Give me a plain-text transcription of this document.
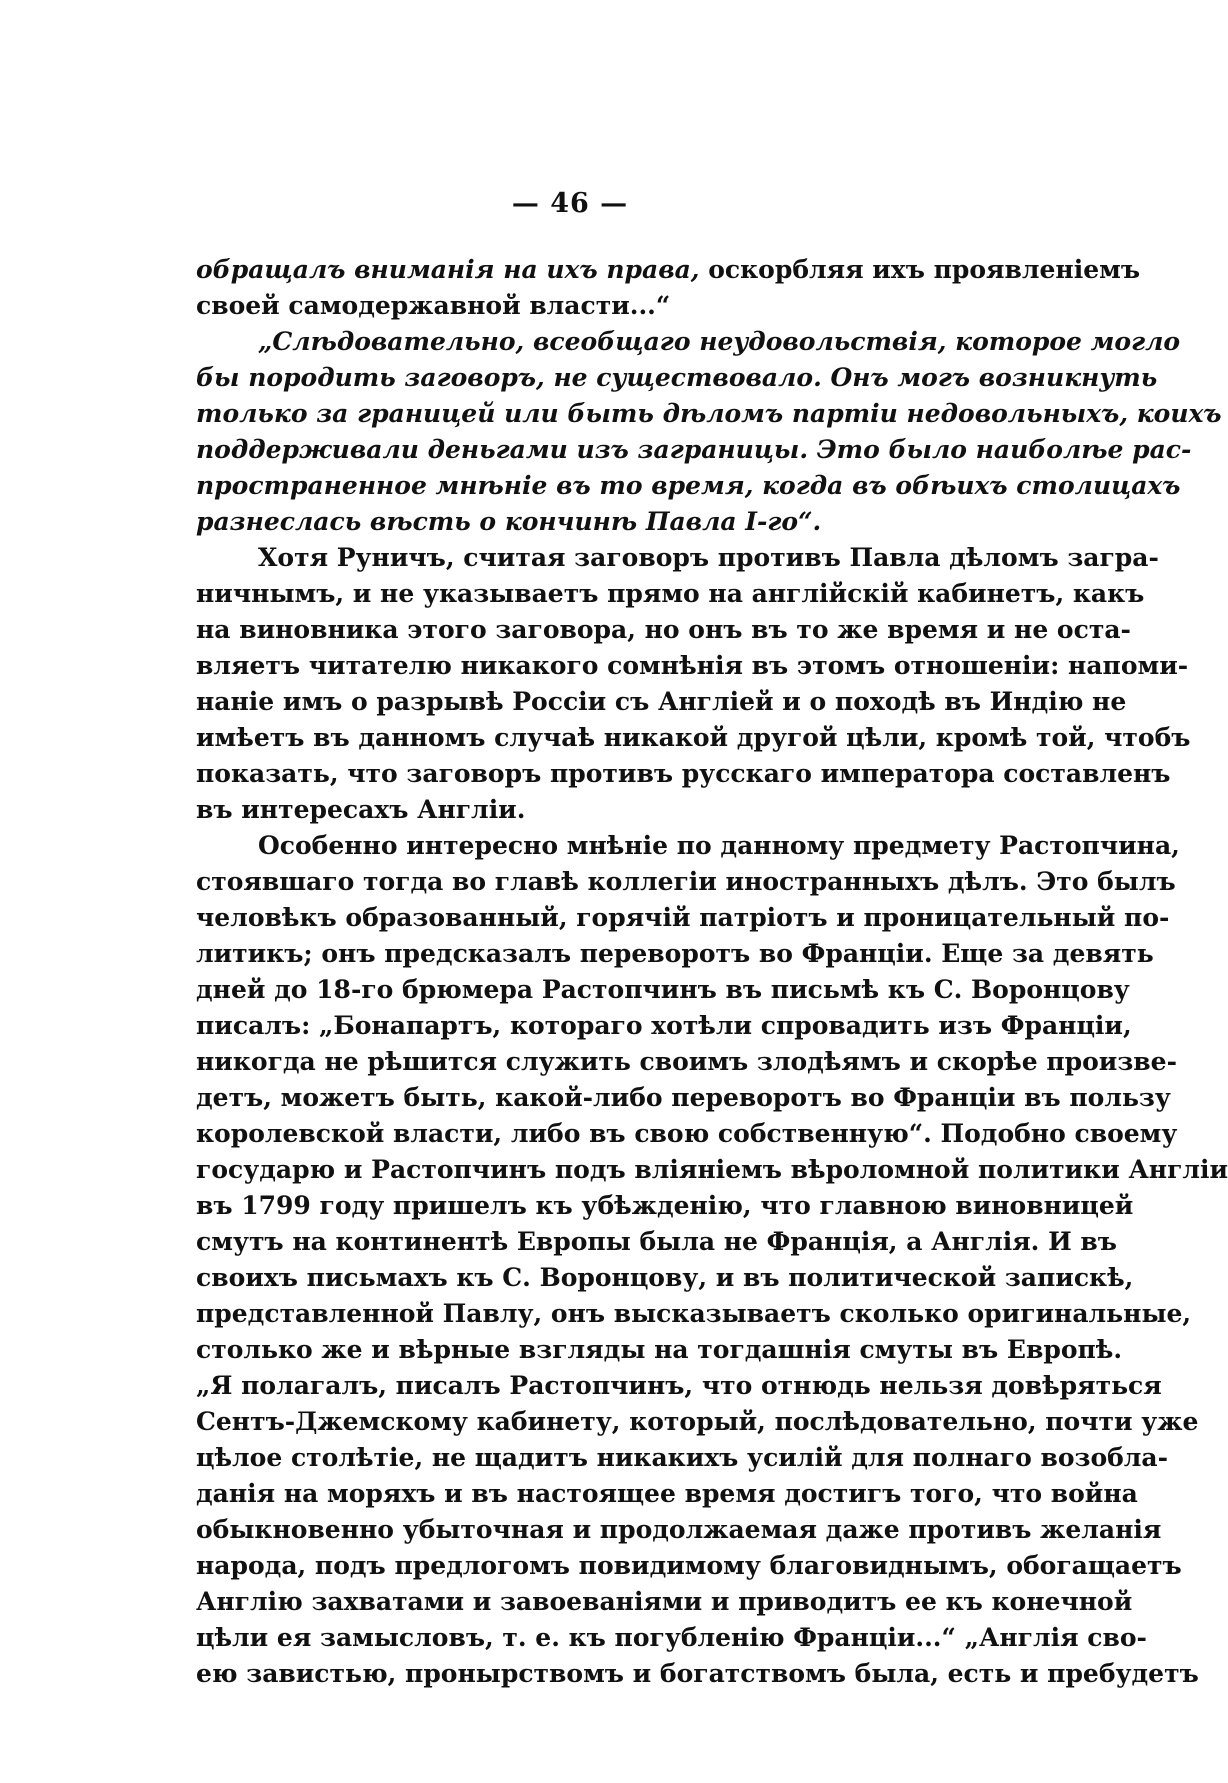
— 46 —
обращалъ вниманія на ихъ права, оскорбляя ихъ проявленіемъ
своей самодержавной власти...“
„Слѣдовательно, всеобщаго неудовольствія, которое могло
бы породить заговоръ, не существовало. Онъ могъ возникнуть
только за границей или быть дѣломъ партіи недовольныхъ, коихъ
поддерживали деньгами изъ заграницы. Это было наиболѣе рас-
пространенное мнѣніе въ то время, когда въ обѣихъ столицахъ
разнеслась вѣсть о кончинѣ Павла I-го“.
Хотя Руничъ, считая заговоръ противъ Павла дѣломъ загра-
ничнымъ, и не указываетъ прямо на англійскій кабинетъ, какъ
на виновника этого заговора, но онъ въ то же время и не оста-
вляетъ читателю никакого сомнѣнія въ этомъ отношеніи: напоми-
наніе имъ о разрывѣ Россіи съ Англіей и о походѣ въ Индію не
имѣетъ въ данномъ случаѣ никакой другой цѣли, кромѣ той, чтобъ
показать, что заговоръ противъ русскаго императора составленъ
въ интересахъ Англіи.
Особенно интересно мнѣніе по данному предмету Растопчина,
стоявшаго тогда во главѣ коллегіи иностранныхъ дѣлъ. Это былъ
человѣкъ образованный, горячій патріотъ и проницательный по-
литикъ; онъ предсказалъ переворотъ во Франціи. Еще за девять
дней до 18-го брюмера Растопчинъ въ письмѣ къ С. Воронцову
писалъ: „Бонапартъ, котораго хотѣли спровадить изъ Франціи,
никогда не рѣшится служить своимъ злодѣямъ и скорѣе произве-
детъ, можетъ быть, какой-либо переворотъ во Франціи въ пользу
королевской власти, либо въ свою собственную“. Подобно своему
государю и Растопчинъ подъ вліяніемъ вѣроломной политики Англіи
въ 1799 году пришелъ къ убѣжденію, что главною виновницей
смутъ на континентѣ Европы была не Франція, а Англія. И въ
своихъ письмахъ къ С. Воронцову, и въ политической запискѣ,
представленной Павлу, онъ высказываетъ сколько оригинальные,
столько же и вѣрные взгляды на тогдашнія смуты въ Европѣ.
„Я полагалъ, писалъ Растопчинъ, что отнюдь нельзя довѣряться
Сентъ-Джемскому кабинету, который, послѣдовательно, почти уже
цѣлое столѣтіе, не щадитъ никакихъ усилій для полнаго возобла-
данія на моряхъ и въ настоящее время достигъ того, что война
обыкновенно убыточная и продолжаемая даже противъ желанія
народа, подъ предлогомъ повидимому благовиднымъ, обогащаетъ
Англію захватами и завоеваніями и приводитъ ее къ конечной
цѣли ея замысловъ, т. е. къ погубленію Франціи...“ „Англія сво-
ею завистью, пронырствомъ и богатствомъ была, есть и пребудетъ
